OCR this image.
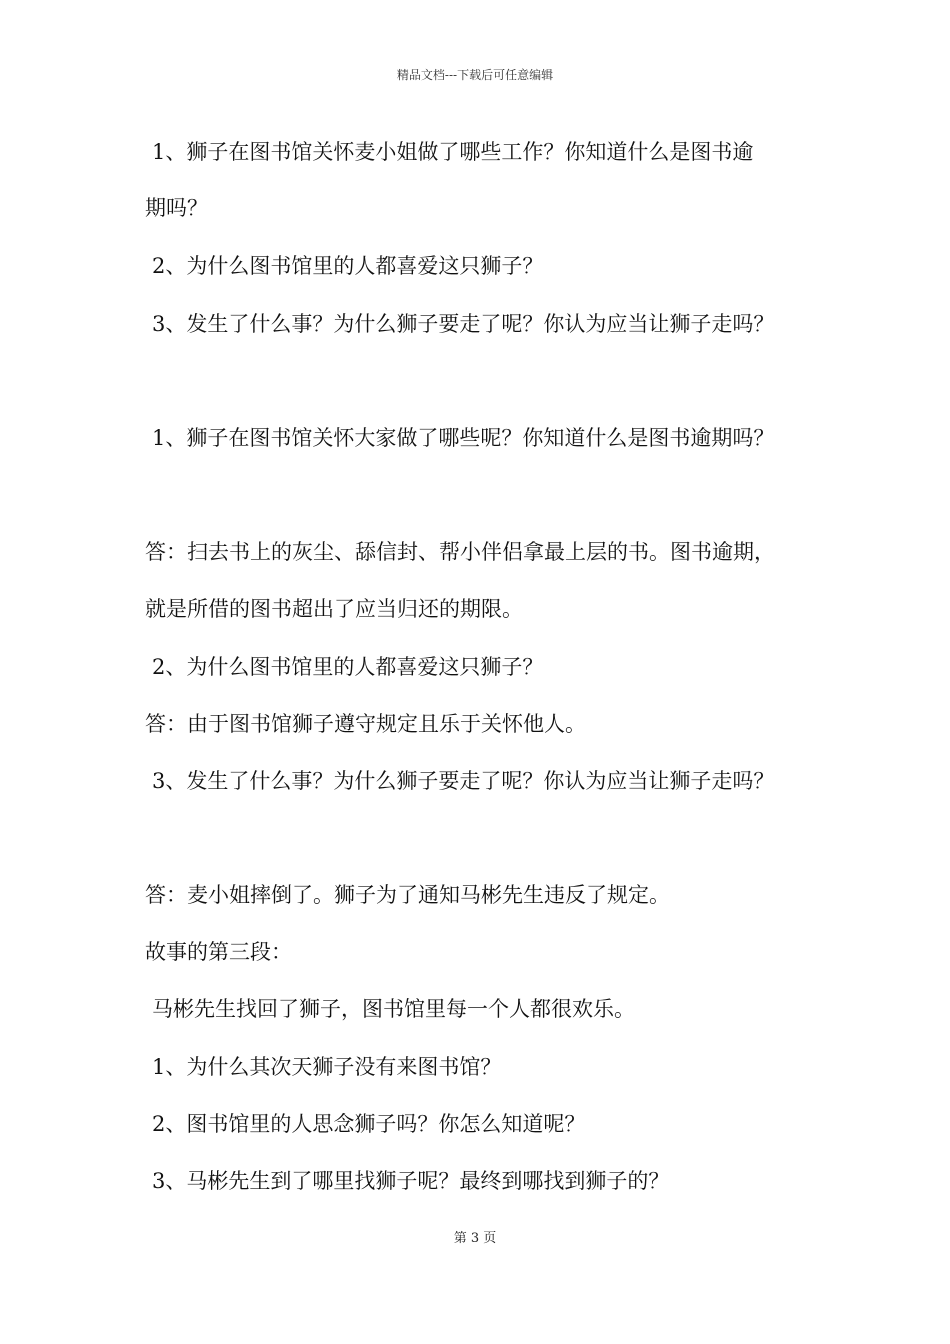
精品文档---下载后可任意编辑
1、狮子在图书馆关怀麦小姐做了哪些工作？你知道什么是图书逾
期吗？
2、为什么图书馆里的人都喜爱这只狮子？
3、发生了什么事？为什么狮子要走了呢？你认为应当让狮子走吗？
1、狮子在图书馆关怀大家做了哪些呢？你知道什么是图书逾期吗？
答：扫去书上的灰尘、舔信封、帮小伴侣拿最上层的书。图书逾期，
就是所借的图书超出了应当归还的期限。
2、为什么图书馆里的人都喜爱这只狮子？
答：由于图书馆狮子遵守规定且乐于关怀他人。
3、发生了什么事？为什么狮子要走了呢？你认为应当让狮子走吗？
答：麦小姐摔倒了。狮子为了通知马彬先生违反了规定。
故事的第三段：
马彬先生找回了狮子，图书馆里每一个人都很欢乐。
1、为什么其次天狮子没有来图书馆？
2、图书馆里的人思念狮子吗？你怎么知道呢？
3、马彬先生到了哪里找狮子呢？最终到哪找到狮子的？
第 3 页
